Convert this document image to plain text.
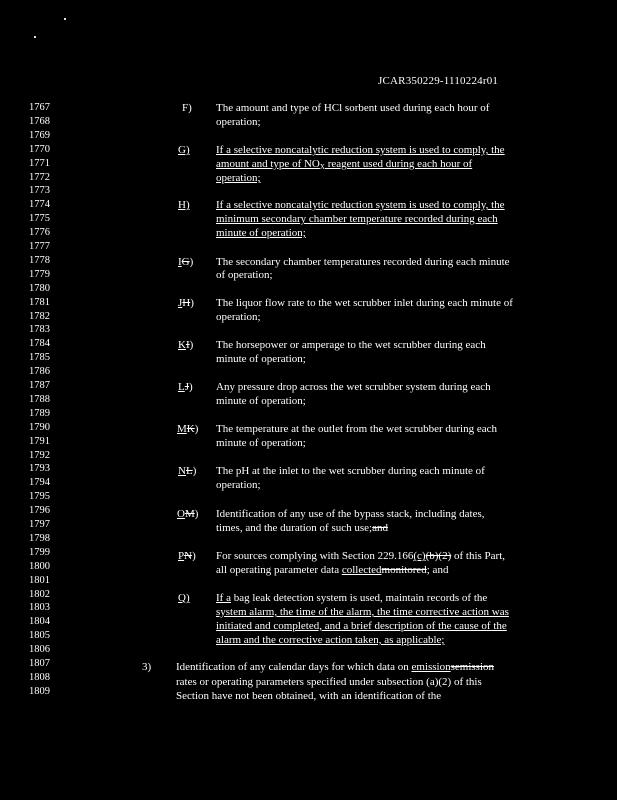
JCAR350229-1110224r01
1767
1768
1769
1770
1771
1772
1773
1774
1775
1776
1777
1778
1779
1780
1781
1782
1783
1784
1785
1786
1787
1788
1789
1790
1791
1792
1793
1794
1795
1796
1797
1798
1799
1800
1801
1802
1803
1804
1805
1806
1807
1808
1809
F) The amount and type of HCl sorbent used during each hour of
operation;
G) If a selective noncatalytic reduction system is used to comply, the
amount and type of $NO_X$ reagent used during each hour of
operation;
H) If a selective noncatalytic reduction system is used to comply, the
minimum secondary chamber temperature recorded during each
minute of operation;
IG) The secondary chamber temperatures recorded during each minute
of operation;
JH) The liquor flow rate to the wet scrubber inlet during each minute of
operation;
KI) The horsepower or amperage to the wet scrubber during each
minute of operation;
LJ) Any pressure drop across the wet scrubber system during each
minute of operation;
MK) The temperature at the outlet from the wet scrubber during each
minute of operation;
NL) The pH at the inlet to the wet scrubber during each minute of
operation;
OM) Identification of any use of the bypass stack, including dates,
times, and the duration of such use;and
PN) For sources complying with Section 229.166(c)(b)(2) of this Part,
all operating parameter data collectedmonitored; and
Q) If a bag leak detection system is used, maintain records of the
system alarm, the time of the alarm, the time corrective action was
initiated and completed, and a brief description of the cause of the
alarm and the corrective action taken, as applicable;
3) Identification of any calendar days for which data on emissionsemission
rates or operating parameters specified under subsection (a)(2) of this
Section have not been obtained, with an identification of the
